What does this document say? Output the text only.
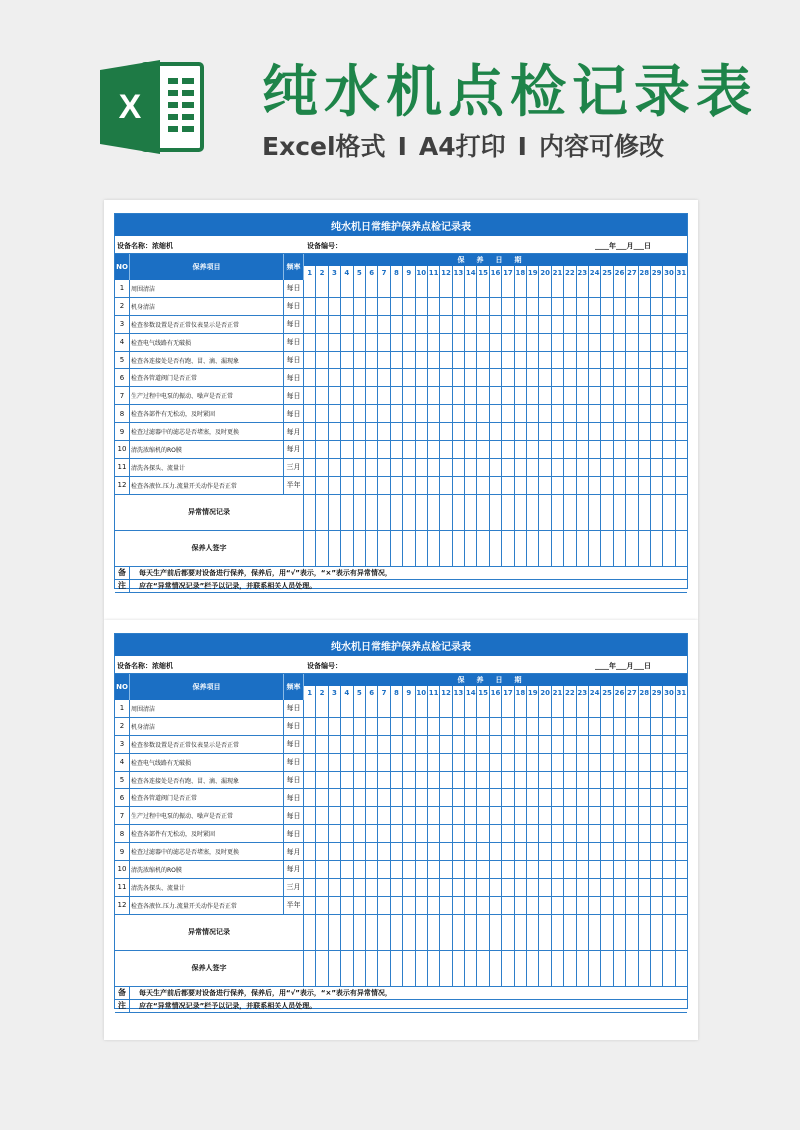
X 纯水机点检记录表
Excel格式 I A4打印 I 内容可修改
纯水机日常维护保养点检记录表
设备名称：浓缩机	设备编号：	____年___月___日
NO	保养项目	频率
保养日期
1	2	3	4	5	6	7	8	9 10 11 12 13 14 15 16 17 18 19 20 21 22 23 24 25 26 27 28 29 30 31
1	周围清洁	每日
2	机身清洁	每日
3	检查参数设置是否正常仪表显示是否正常	每日
4	检查电气线路有无破损	每日
5	检查各连接处是否有跑、冒、滴、漏现象	每日
6	检查各管道阀门是否正常	每日
7	生产过程中电泵的振动、噪声是否正常	每日
8	检查各部件有无松动，及时紧固	每日
9	检查过滤器中的滤芯是否堵塞，及时更换	每月
10 清洗浓缩机的RO膜	每月
11 清洗各探头、流量计	三月
12 检查各液位.压力.流量开关动作是否正常	半年
异常情况记录
保养人签字
备	每天生产前后都要对设备进行保养，保养后，用“√”表示，“×”表示有异常情况，
注	应在“异常情况记录”栏予以记录，并联系相关人员处理。
纯水机日常维护保养点检记录表
设备名称：浓缩机	设备编号：	____年___月___日
NO	保养项目	频率
保养日期
1	2	3	4	5	6	7	8	9 10 11 12 13 14 15 16 17 18 19 20 21 22 23 24 25 26 27 28 29 30 31
1	周围清洁	每日
2	机身清洁	每日
3	检查参数设置是否正常仪表显示是否正常	每日
4	检查电气线路有无破损	每日
5	检查各连接处是否有跑、冒、滴、漏现象	每日
6	检查各管道阀门是否正常	每日
7	生产过程中电泵的振动、噪声是否正常	每日
8	检查各部件有无松动，及时紧固	每日
9	检查过滤器中的滤芯是否堵塞，及时更换	每月
10 清洗浓缩机的RO膜	每月
11 清洗各探头、流量计	三月
12 检查各液位.压力.流量开关动作是否正常	半年
异常情况记录
保养人签字
备	每天生产前后都要对设备进行保养，保养后，用“√”表示，“×”表示有异常情况，
注	应在“异常情况记录”栏予以记录，并联系相关人员处理。
